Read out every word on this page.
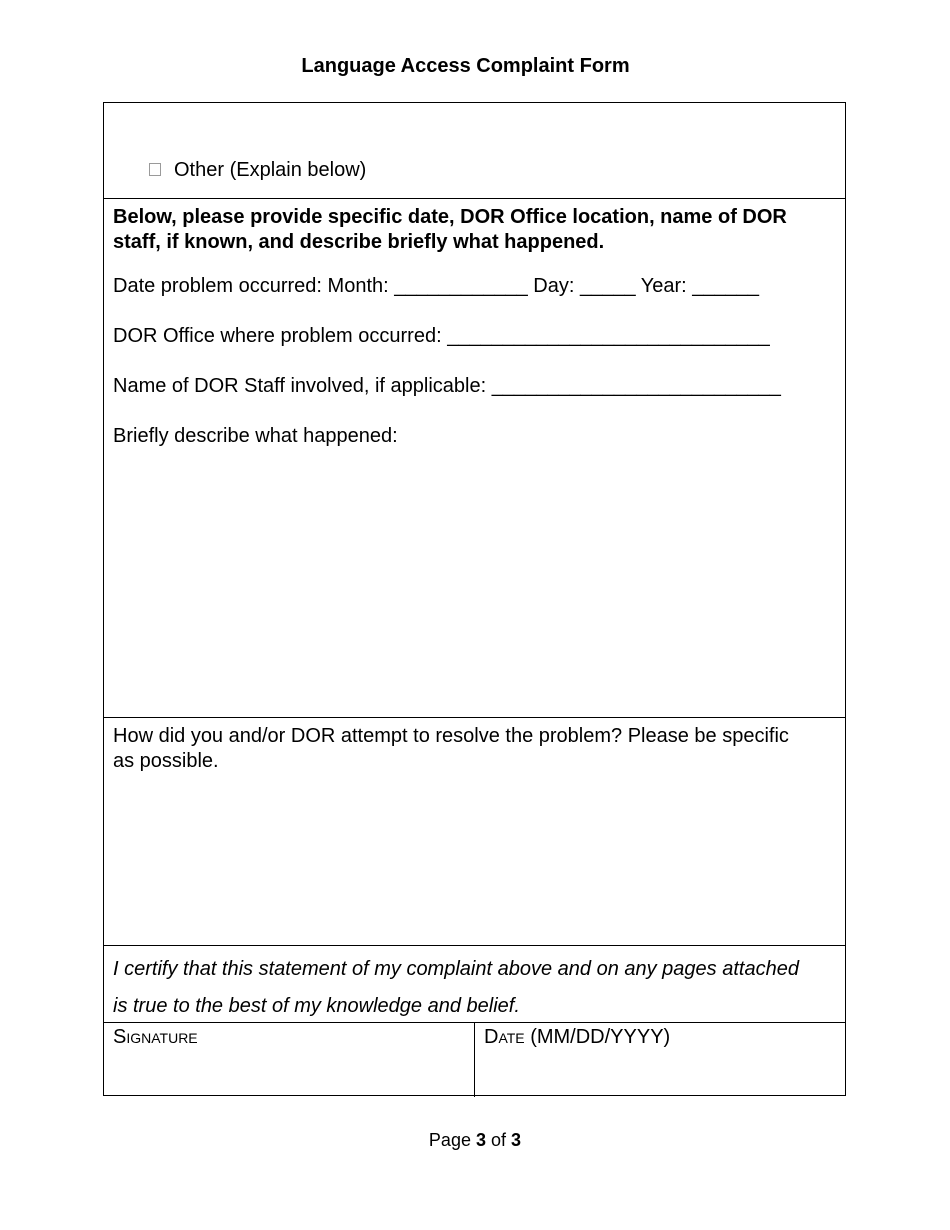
Language Access Complaint Form
Other (Explain below)
Below, please provide specific date, DOR Office location, name of DOR staff, if known, and describe briefly what happened.
Date problem occurred: Month: ____________ Day: _____ Year: ______
DOR Office where problem occurred: _____________________________
Name of DOR Staff involved, if applicable: __________________________
Briefly describe what happened:
How did you and/or DOR attempt to resolve the problem? Please be specific as possible.
I certify that this statement of my complaint above and on any pages attached is true to the best of my knowledge and belief.
Signature	Date (MM/DD/YYYY)
Page 3 of 3
